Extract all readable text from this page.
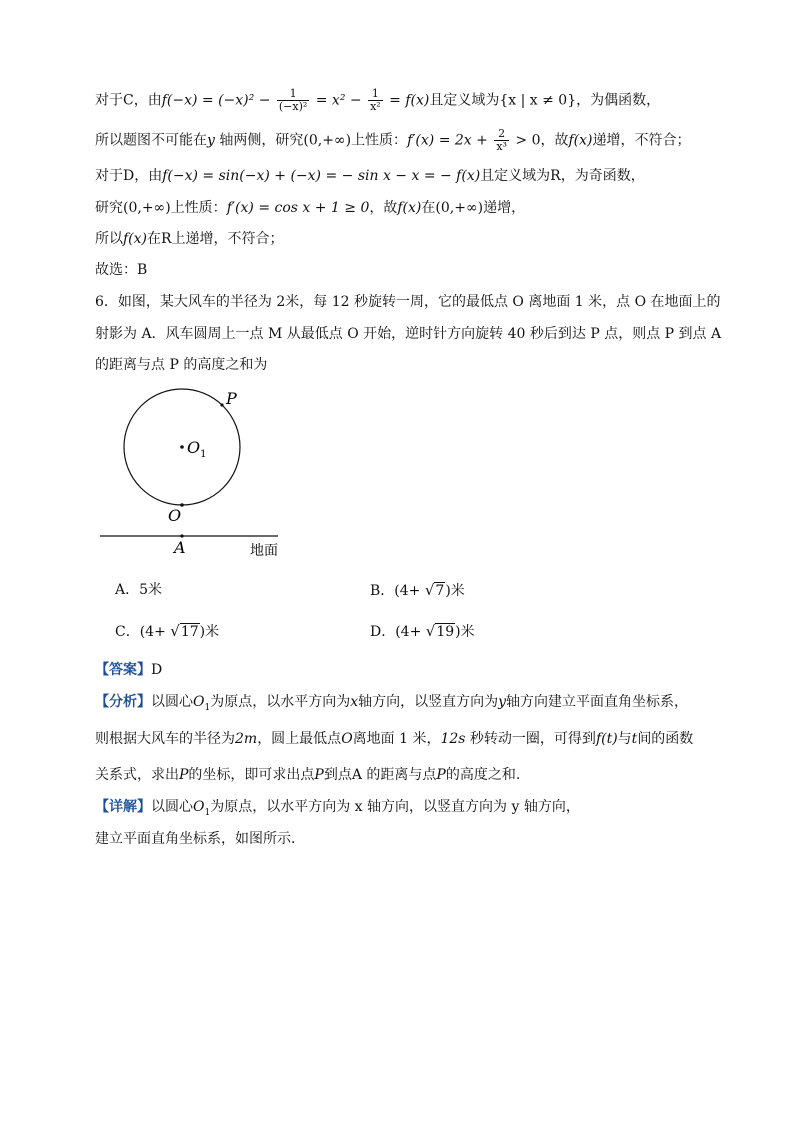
对于C，由$f(-x) = (-x)^2 - \frac{1}{\text{(−x)²}} = x^2 - \frac{1}{\text{x²}} = f(x)$且定义域为{x | x ≠ 0}，为偶函数，
所以题图不可能在y 轴两侧，研究(0,+∞)上性质：$f'(x) = 2x + \frac{2}{\text{x³}} > 0$，故f(x)递增，不符合；
对于D，由f(−x) = sin(−x) + (−x) = − sin x − x = − f(x)且定义域为R，为奇函数，
研究(0,+∞)上性质：f′(x) = cos x + 1 ≥ 0，故f(x)在(0,+∞)递增，
所以f(x)在R上递增，不符合；
故选：B
6．如图，某大风车的半径为 2米，每 12 秒旋转一周，它的最低点 O 离地面 1 米，点 O 在地面上的
射影为 A．风车圆周上一点 M 从最低点 O 开始，逆时针方向旋转 40 秒后到达 P 点，则点 P 到点 A
的距离与点 P 的高度之和为
P
$O_1$
O
A	地面
A．5米	B．(4+ √7)米
C．(4+ √17)米	D．(4+ √19)米
【答案】D
【分析】以圆心$O_1$为原点，以水平方向为x轴方向，以竖直方向为y轴方向建立平面直角坐标系，
则根据大风车的半径为2m，圆上最低点O离地面 1 米，12s 秒转动一圈，可得到f(t)与t间的函数
关系式，求出P的坐标，即可求出点P到点A 的距离与点P的高度之和.
【详解】以圆心$O_1$为原点，以水平方向为 x 轴方向，以竖直方向为 y 轴方向，
建立平面直角坐标系，如图所示．
